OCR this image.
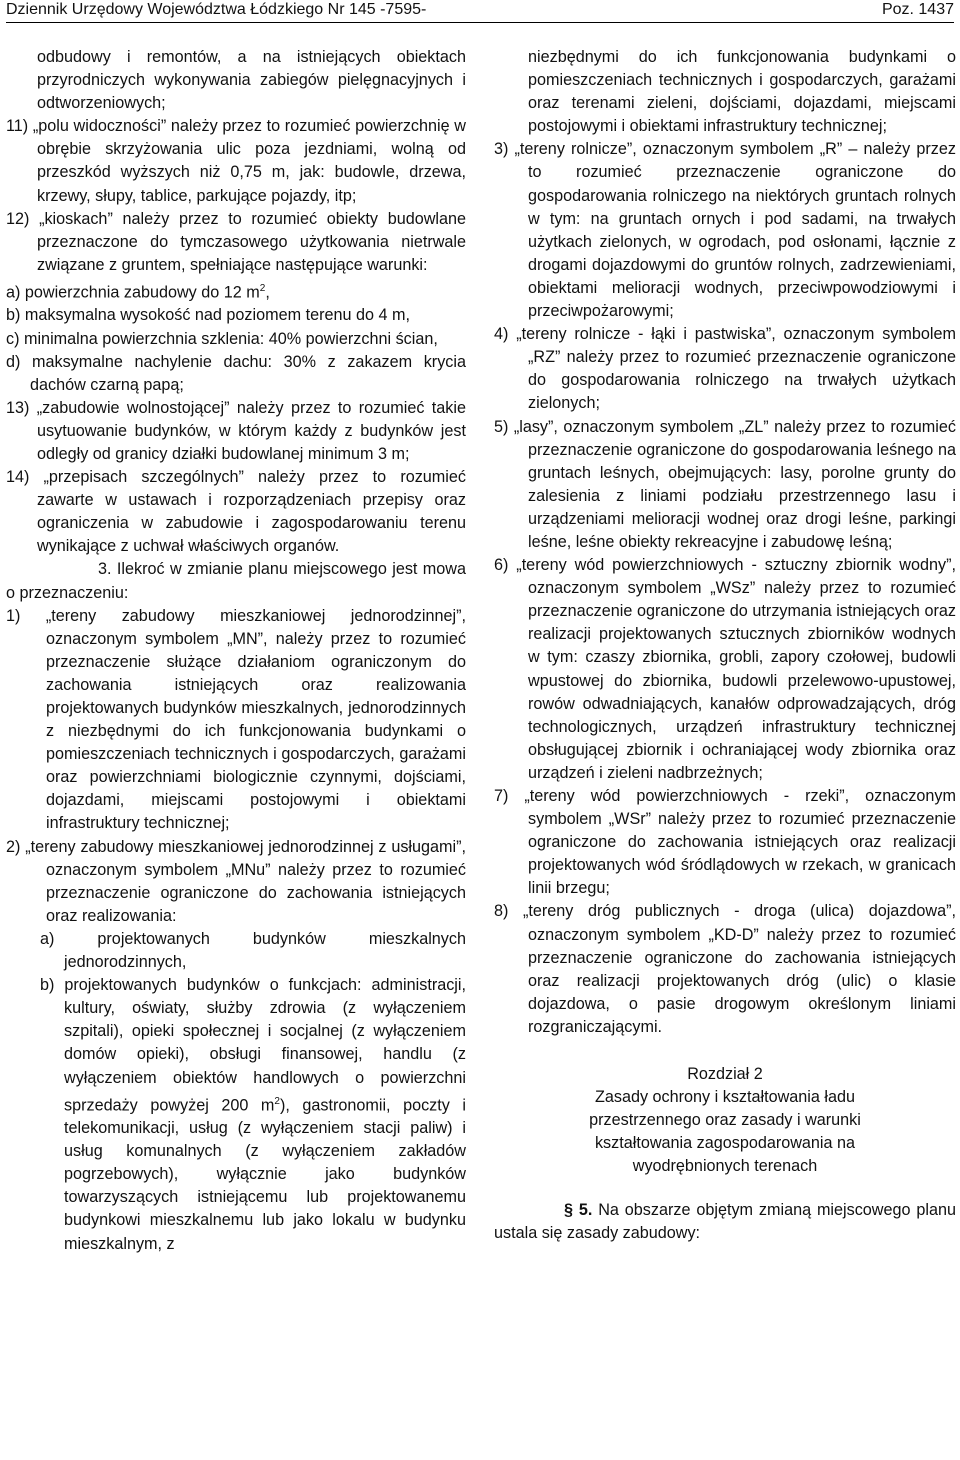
Dziennik Urzędowy Województwa Łódzkiego Nr 145 -7595-	Poz. 1437

odbudowy i remontów, a na istniejących obiektach przyrodniczych wykonywania zabiegów pielęgnacyjnych i odtworzeniowych;

11) „polu widoczności” należy przez to rozumieć powierzchnię w obrębie skrzyżowania ulic poza jezdniami, wolną od przeszkód wyższych niż 0,75 m, jak: budowle, drzewa, krzewy, słupy, tablice, parkujące pojazdy, itp;

12) „kioskach” należy przez to rozumieć obiekty budowlane przeznaczone do tymczasowego użytkowania nietrwale związane z gruntem, spełniające następujące warunki:

a) powierzchnia zabudowy do 12 $m^2$,

b) maksymalna wysokość nad poziomem terenu do 4 m,

c) minimalna powierzchnia szklenia: 40% powierzchni ścian,

d) maksymalne nachylenie dachu: 30% z zakazem krycia dachów czarną papą;

13) „zabudowie wolnostojącej” należy przez to rozumieć takie usytuowanie budynków, w którym każdy z budynków jest odległy od granicy działki budowlanej minimum 3 m;

14) „przepisach szczególnych” należy przez to rozumieć zawarte w ustawach i rozporządzeniach przepisy oraz ograniczenia w zabudowie i zagospodarowaniu terenu wynikające z uchwał właściwych organów.

3. Ilekroć w zmianie planu miejscowego jest mowa o przeznaczeniu:

1) „tereny zabudowy mieszkaniowej jednorodzinnej”, oznaczonym symbolem „MN”, należy przez to rozumieć przeznaczenie służące działaniom ograniczonym do zachowania istniejących oraz realizowania projektowanych budynków mieszkalnych, jednorodzinnych z niezbędnymi do ich funkcjonowania budynkami o pomieszczeniach technicznych i gospodarczych, garażami oraz powierzchniami biologicznie czynnymi, dojściami, dojazdami, miejscami postojowymi i obiektami infrastruktury technicznej;

2) „tereny zabudowy mieszkaniowej jednorodzinnej z usługami”, oznaczonym symbolem „MNu” należy przez to rozumieć przeznaczenie ograniczone do zachowania istniejących oraz realizowania:

a) projektowanych budynków mieszkalnych jednorodzinnych,

b) projektowanych budynków o funkcjach: administracji, kultury, oświaty, służby zdrowia (z wyłączeniem szpitali), opieki społecznej i socjalnej (z wyłączeniem domów opieki), obsługi finansowej, handlu (z wyłączeniem obiektów handlowych o powierzchni sprzedaży powyżej 200 $m^2$), gastronomii, poczty i telekomunikacji, usług (z wyłączeniem stacji paliw) i usług komunalnych (z wyłączeniem zakładów pogrzebowych), wyłącznie jako budynków towarzyszących istniejącemu lub projektowanemu budynkowi mieszkalnemu lub jako lokalu w budynku mieszkalnym, z

niezbędnymi do ich funkcjonowania budynkami o pomieszczeniach technicznych i gospodarczych, garażami oraz terenami zieleni, dojściami, dojazdami, miejscami postojowymi i obiektami infrastruktury technicznej;

3) „tereny rolnicze”, oznaczonym symbolem „R” – należy przez to rozumieć przeznaczenie ograniczone do gospodarowania rolniczego na niektórych gruntach rolnych w tym: na gruntach ornych i pod sadami, na trwałych użytkach zielonych, w ogrodach, pod osłonami, łącznie z drogami dojazdowymi do gruntów rolnych, zadrzewieniami, obiektami melioracji wodnych, przeciwpowodziowymi i przeciwpożarowymi;

4) „tereny rolnicze - łąki i pastwiska”, oznaczonym symbolem „RZ” należy przez to rozumieć przeznaczenie ograniczone do gospodarowania rolniczego na trwałych użytkach zielonych;

5) „lasy”, oznaczonym symbolem „ZL” należy przez to rozumieć przeznaczenie ograniczone do gospodarowania leśnego na gruntach leśnych, obejmujących: lasy, porolne grunty do zalesienia z liniami podziału przestrzennego lasu i urządzeniami melioracji wodnej oraz drogi leśne, parkingi leśne, leśne obiekty rekreacyjne i zabudowę leśną;

6) „tereny wód powierzchniowych - sztuczny zbiornik wodny”, oznaczonym symbolem „WSz” należy przez to rozumieć przeznaczenie ograniczone do utrzymania istniejących oraz realizacji projektowanych sztucznych zbiorników wodnych w tym: czaszy zbiornika, grobli, zapory czołowej, budowli wpustowej do zbiornika, budowli przelewowo-upustowej, rowów odwadniających, kanałów odprowadzających, dróg technologicznych, urządzeń infrastruktury technicznej obsługującej zbiornik i ochraniającej wody zbiornika oraz urządzeń i zieleni nadbrzeżnych;

7) „tereny wód powierzchniowych - rzeki”, oznaczonym symbolem „WSr” należy przez to rozumieć przeznaczenie ograniczone do zachowania istniejących oraz realizacji projektowanych wód śródlądowych w rzekach, w granicach linii brzegu;

8) „tereny dróg publicznych - droga (ulica) dojazdowa”, oznaczonym symbolem „KD-D” należy przez to rozumieć przeznaczenie ograniczone do zachowania istniejących oraz realizacji projektowanych dróg (ulic) o klasie dojazdowa, o pasie drogowym określonym liniami rozgraniczającymi.

Rozdział 2

Zasady ochrony i kształtowania ładu

przestrzennego oraz zasady i warunki

kształtowania zagospodarowania na

wyodrębnionych terenach

§ 5. Na obszarze objętym zmianą miejscowego planu ustala się zasady zabudowy:
